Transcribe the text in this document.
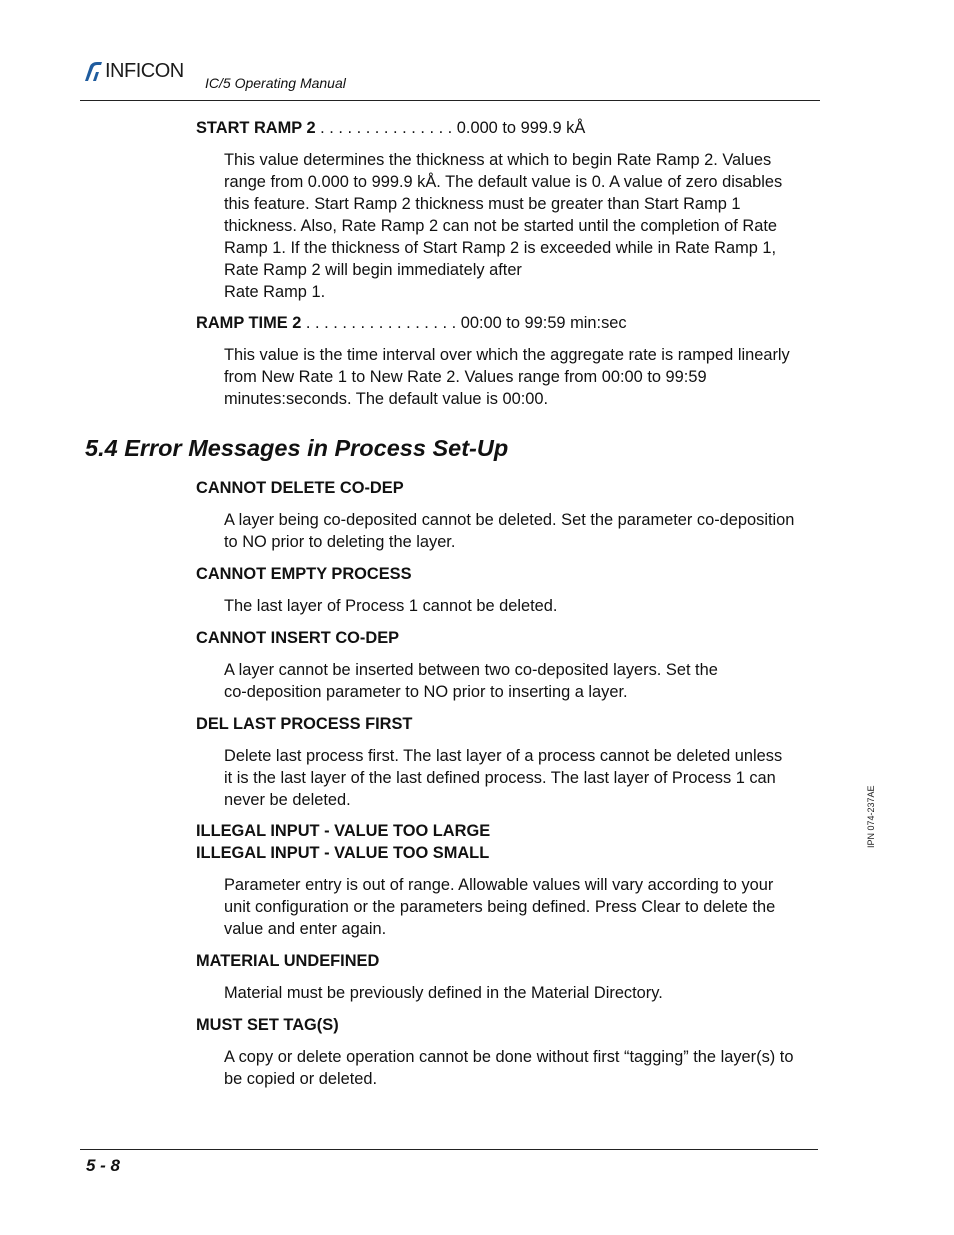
INFICON
IC/5 Operating Manual
START RAMP 2 . . . . . . . . . . . . . . . 0.000 to 999.9 kÅ
This value determines the thickness at which to begin Rate Ramp 2. Values
range from 0.000 to 999.9 kÅ. The default value is 0. A value of zero disables
this feature. Start Ramp 2 thickness must be greater than Start Ramp 1
thickness. Also, Rate Ramp 2 can not be started until the completion of Rate
Ramp 1. If the thickness of Start Ramp 2 is exceeded while in Rate Ramp 1,
Rate Ramp 2 will begin immediately after
Rate Ramp 1.
RAMP TIME 2 . . . . . . . . . . . . . . . . . 00:00 to 99:59 min:sec
This value is the time interval over which the aggregate rate is ramped linearly
from New Rate 1 to New Rate 2. Values range from 00:00 to 99:59
minutes:seconds. The default value is 00:00.
5.4 Error Messages in Process Set-Up
CANNOT DELETE CO-DEP
A layer being co-deposited cannot be deleted. Set the parameter co-deposition
to NO prior to deleting the layer.
CANNOT EMPTY PROCESS
The last layer of Process 1 cannot be deleted.
CANNOT INSERT CO-DEP
A layer cannot be inserted between two co-deposited layers. Set the
co-deposition parameter to NO prior to inserting a layer.
DEL LAST PROCESS FIRST
Delete last process first. The last layer of a process cannot be deleted unless
it is the last layer of the last defined process. The last layer of Process 1 can
never be deleted.
ILLEGAL INPUT - VALUE TOO LARGE
ILLEGAL INPUT - VALUE TOO SMALL
Parameter entry is out of range. Allowable values will vary according to your
unit configuration or the parameters being defined. Press Clear to delete the
value and enter again.
MATERIAL UNDEFINED
Material must be previously defined in the Material Directory.
MUST SET TAG(S)
A copy or delete operation cannot be done without first “tagging” the layer(s) to
be copied or deleted.
IPN 074-237AE
5 - 8
